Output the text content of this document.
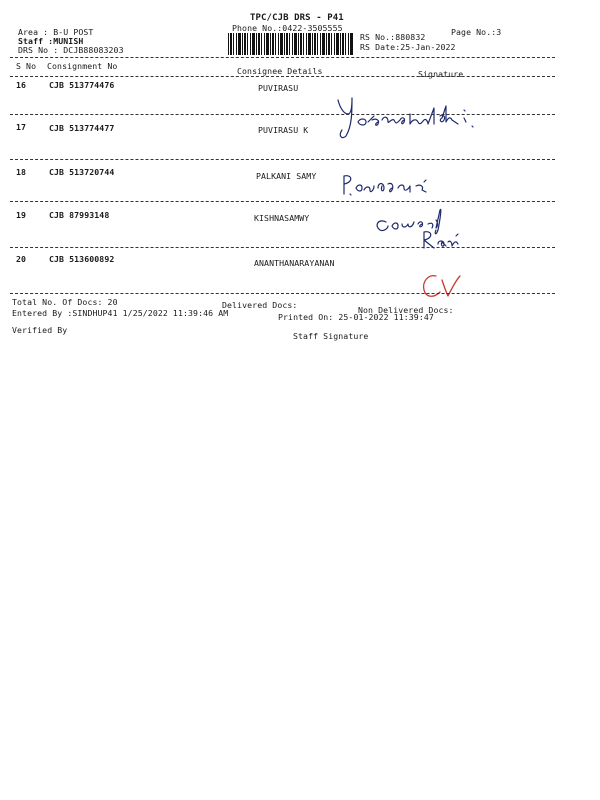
TPC/CJB DRS - P41
Phone No.:0422-3505555
Area : B-U POST
Staff :MUNISH
DRS No : DCJB88083203
RS No.:880832
RS Date:25-Jan-2022
Page No.:3
S No Consignment No	Consignee Details	Signature
16	CJB 513774476	PUVIRASU
17	CJB 513774477	PUVIRASU K
18	CJB 513720744	PALKANI SAMY
19	CJB 87993148	KISHNASAMWY
20	CJB 513600892	ANANTHANARAYANAN
Total No. Of Docs: 20	Delivered Docs:	Non Delivered Docs:
Entered By :SINDHUP41 1/25/2022 11:39:46 AM	Printed On: 25-01-2022 11:39:47
Verified By
Staff Signature
